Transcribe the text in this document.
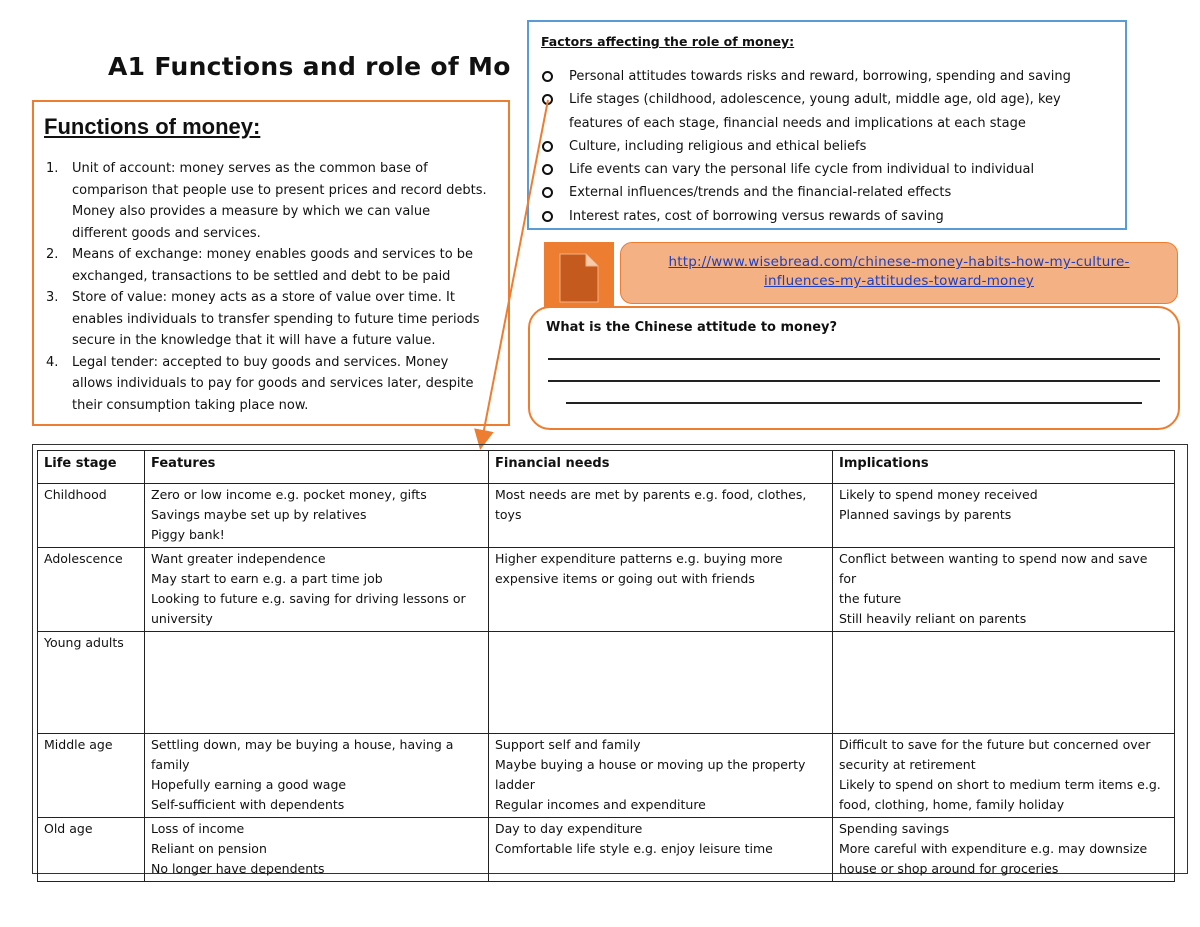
A1 Functions and role of Mo
Functions of money:
1. Unit of account: money serves as the common base of
comparison that people use to present prices and record debts.
Money also provides a measure by which we can value
different goods and services.
2. Means of exchange: money enables goods and services to be
exchanged, transactions to be settled and debt to be paid
3. Store of value: money acts as a store of value over time. It
enables individuals to transfer spending to future time periods
secure in the knowledge that it will have a future value.
4. Legal tender: accepted to buy goods and services. Money
allows individuals to pay for goods and services later, despite
their consumption taking place now.
Factors affecting the role of money:
Personal attitudes towards risks and reward, borrowing, spending and saving
Life stages (childhood, adolescence, young adult, middle age, old age), key
features of each stage, financial needs and implications at each stage
Culture, including religious and ethical beliefs
Life events can vary the personal life cycle from individual to individual
External influences/trends and the financial-related effects
Interest rates, cost of borrowing versus rewards of saving
http://www.wisebread.com/chinese-money-habits-how-my-culture-
influences-my-attitudes-toward-money
What is the Chinese attitude to money?
Life stage	Features	Financial needs	Implications
Childhood	Zero or low income e.g. pocket money, gifts
Savings maybe set up by relatives
Piggy bank!	Most needs are met by parents e.g. food, clothes,
toys	Likely to spend money received
Planned savings by parents

Adolescence	Want greater independence
May start to earn e.g. a part time job
Looking to future e.g. saving for driving lessons or
university	Higher expenditure patterns e.g. buying more
expensive items or going out with friends	Conflict between wanting to spend now and save for
the future
Still heavily reliant on parents

Young adults			
Middle age	Settling down, may be buying a house, having a
family
Hopefully earning a good wage
Self-sufficient with dependents	Support self and family
Maybe buying a house or moving up the property
ladder
Regular incomes and expenditure	Difficult to save for the future but concerned over
security at retirement
Likely to spend on short to medium term items e.g.
food, clothing, home, family holiday

Old age	Loss of income
Reliant on pension
No longer have dependents	Day to day expenditure
Comfortable life style e.g. enjoy leisure time	Spending savings
More careful with expenditure e.g. may downsize
house or shop around for groceries
